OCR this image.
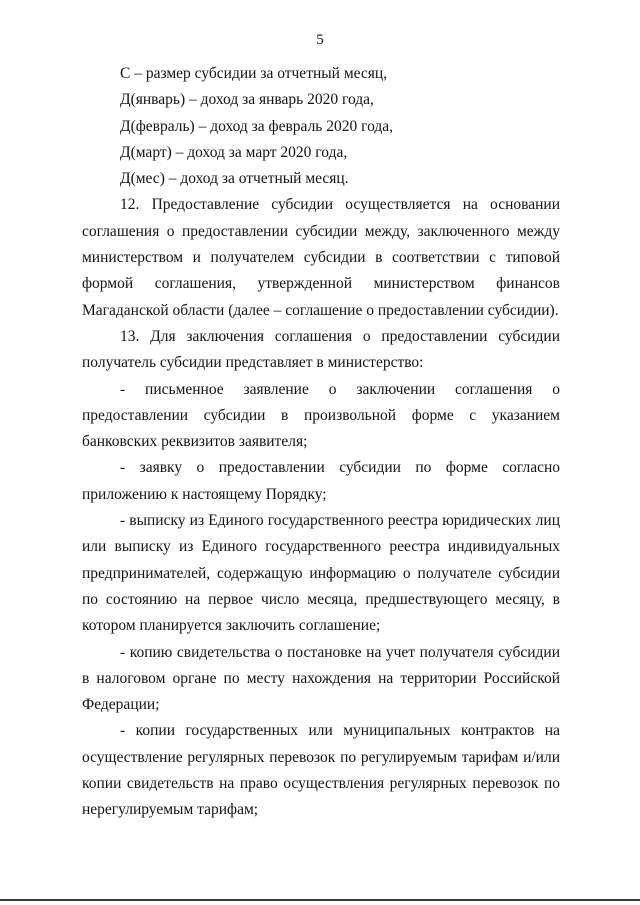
5

С – размер субсидии за отчетный месяц,

Д(январь) – доход за январь 2020 года,

Д(февраль) – доход за февраль 2020 года,

Д(март) – доход за март 2020 года,

Д(мес) – доход за отчетный месяц.

12. Предоставление субсидии осуществляется на основании соглашения о предоставлении субсидии между, заключенного между министерством и получателем субсидии в соответствии с типовой формой соглашения, утвержденной министерством финансов Магаданской области (далее – соглашение о предоставлении субсидии).

13. Для заключения соглашения о предоставлении субсидии получатель субсидии представляет в министерство:

- письменное заявление о заключении соглашения о предоставлении субсидии в произвольной форме с указанием банковских реквизитов заявителя;

- заявку о предоставлении субсидии по форме согласно приложению к настоящему Порядку;

- выписку из Единого государственного реестра юридических лиц или выписку из Единого государственного реестра индивидуальных предпринимателей, содержащую информацию о получателе субсидии по состоянию на первое число месяца, предшествующего месяцу, в котором планируется заключить соглашение;

- копию свидетельства о постановке на учет получателя субсидии в налоговом органе по месту нахождения на территории Российской Федерации;

- копии государственных или муниципальных контрактов на осуществление регулярных перевозок по регулируемым тарифам и/или копии свидетельств на право осуществления регулярных перевозок по нерегулируемым тарифам;
